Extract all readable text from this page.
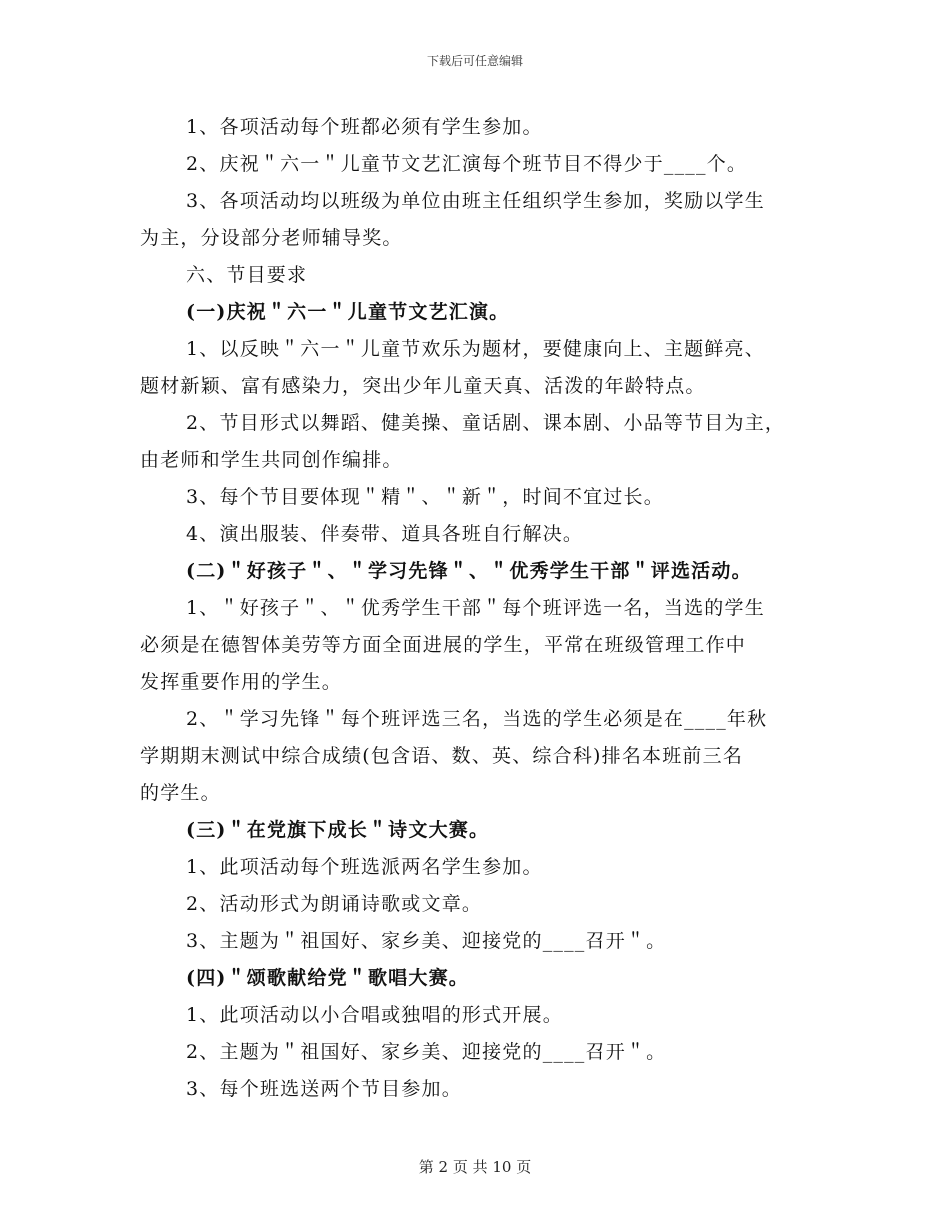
下载后可任意编辑
1、各项活动每个班都必须有学生参加。
2、庆祝＂六一＂儿童节文艺汇演每个班节目不得少于____个。
3、各项活动均以班级为单位由班主任组织学生参加，奖励以学生
为主，分设部分老师辅导奖。
六、节目要求
(一)庆祝＂六一＂儿童节文艺汇演。
1、以反映＂六一＂儿童节欢乐为题材，要健康向上、主题鲜亮、
题材新颖、富有感染力，突出少年儿童天真、活泼的年龄特点。
2、节目形式以舞蹈、健美操、童话剧、课本剧、小品等节目为主，
由老师和学生共同创作编排。
3、每个节目要体现＂精＂、＂新＂，时间不宜过长。
4、演出服装、伴奏带、道具各班自行解决。
(二)＂好孩子＂、＂学习先锋＂、＂优秀学生干部＂评选活动。
1、＂好孩子＂、＂优秀学生干部＂每个班评选一名，当选的学生
必须是在德智体美劳等方面全面进展的学生，平常在班级管理工作中
发挥重要作用的学生。
2、＂学习先锋＂每个班评选三名，当选的学生必须是在____年秋
学期期末测试中综合成绩(包含语、数、英、综合科)排名本班前三名
的学生。
(三)＂在党旗下成长＂诗文大赛。
1、此项活动每个班选派两名学生参加。
2、活动形式为朗诵诗歌或文章。
3、主题为＂祖国好、家乡美、迎接党的____召开＂。
(四)＂颂歌献给党＂歌唱大赛。
1、此项活动以小合唱或独唱的形式开展。
2、主题为＂祖国好、家乡美、迎接党的____召开＂。
3、每个班选送两个节目参加。
第 2 页 共 10 页
